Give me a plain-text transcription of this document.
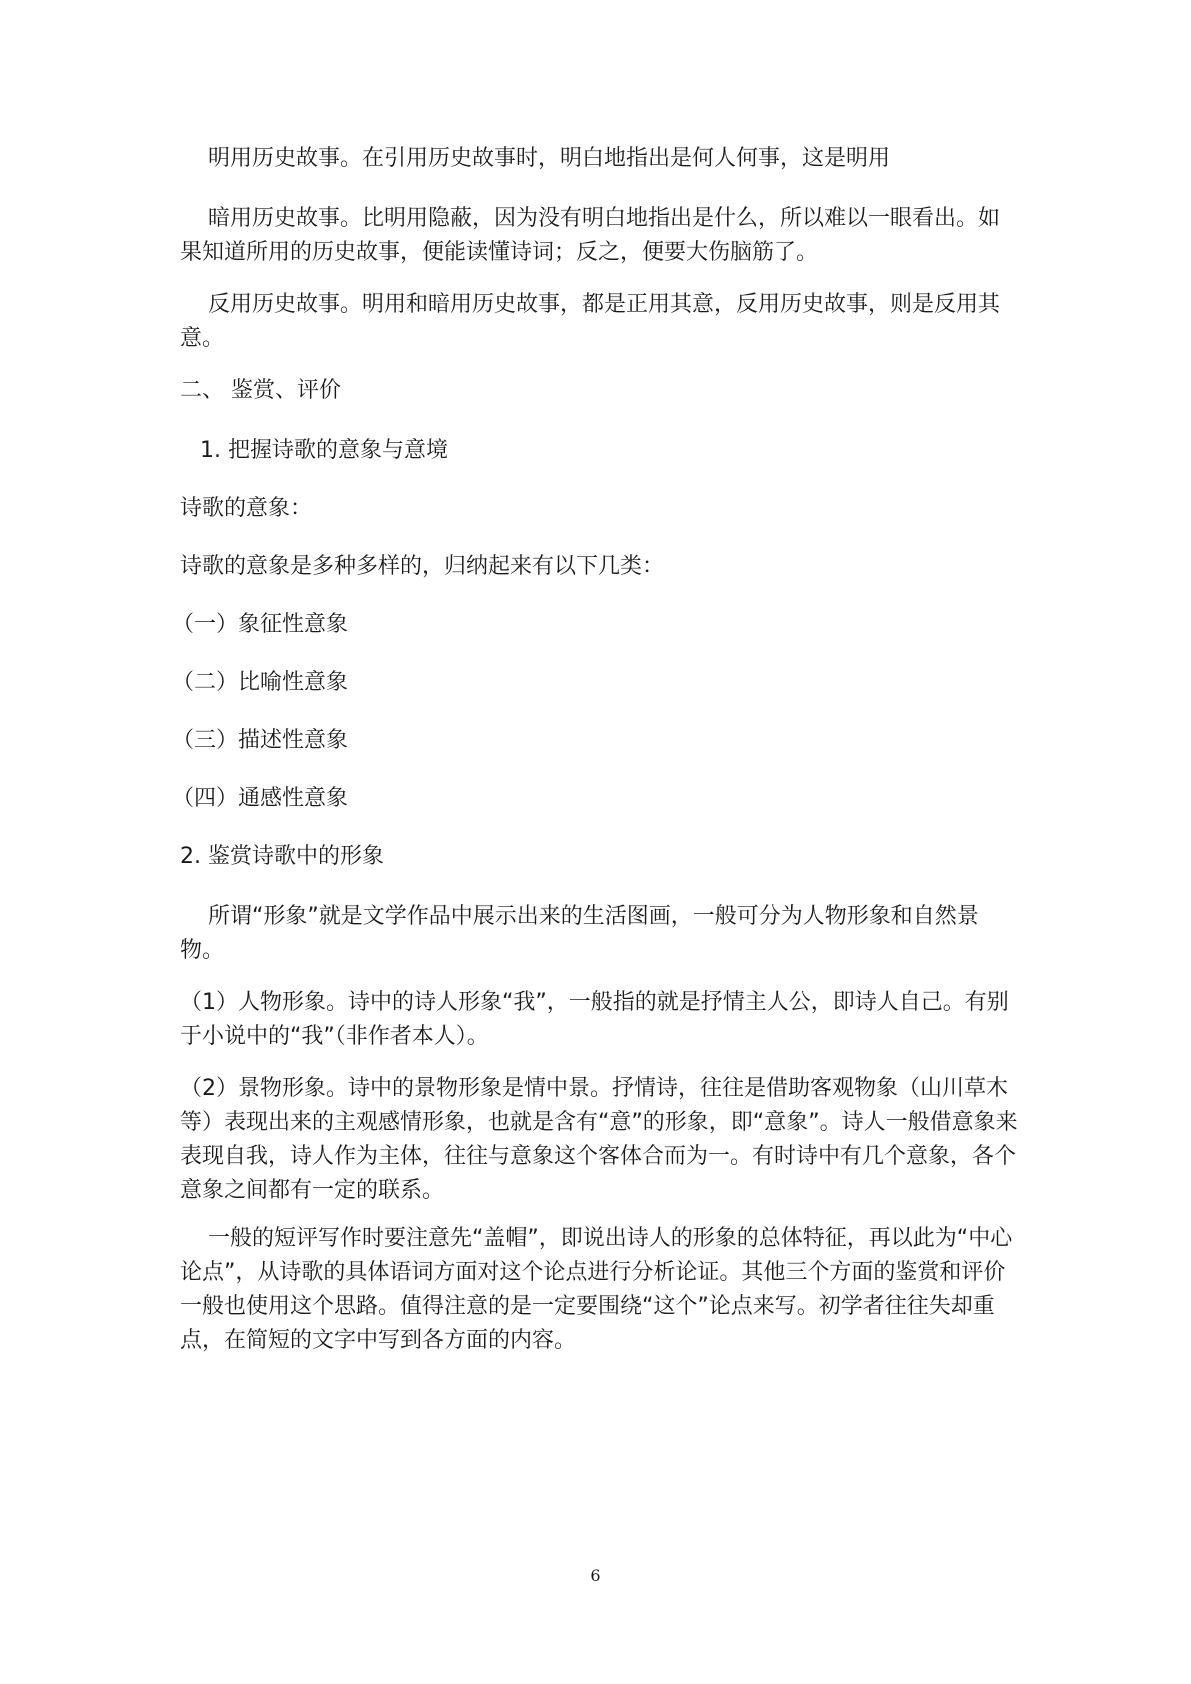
明用历史故事。在引用历史故事时，明白地指出是何人何事，这是明用

暗用历史故事。比明用隐蔽，因为没有明白地指出是什么，所以难以一眼看出。如果知道所用的历史故事，便能读懂诗词；反之，便要大伤脑筋了。

反用历史故事。明用和暗用历史故事，都是正用其意，反用历史故事，则是反用其意。

二、 鉴赏、评价

1. 把握诗歌的意象与意境

诗歌的意象：

诗歌的意象是多种多样的，归纳起来有以下几类：

（一）象征性意象

（二）比喻性意象

（三）描述性意象

（四）通感性意象

2. 鉴赏诗歌中的形象

所谓“形象”就是文学作品中展示出来的生活图画，一般可分为人物形象和自然景物。

（1）人物形象。诗中的诗人形象“我”，一般指的就是抒情主人公，即诗人自己。有别于小说中的“我”（非作者本人）。

（2）景物形象。诗中的景物形象是情中景。抒情诗，往往是借助客观物象（山川草木等）表现出来的主观感情形象，也就是含有“意”的形象，即“意象”。诗人一般借意象来表现自我，诗人作为主体，往往与意象这个客体合而为一。有时诗中有几个意象，各个意象之间都有一定的联系。

一般的短评写作时要注意先“盖帽”，即说出诗人的形象的总体特征，再以此为“中心论点”，从诗歌的具体语词方面对这个论点进行分析论证。其他三个方面的鉴赏和评价一般也使用这个思路。值得注意的是一定要围绕“这个”论点来写。初学者往往失却重点，在简短的文字中写到各方面的内容。

6
